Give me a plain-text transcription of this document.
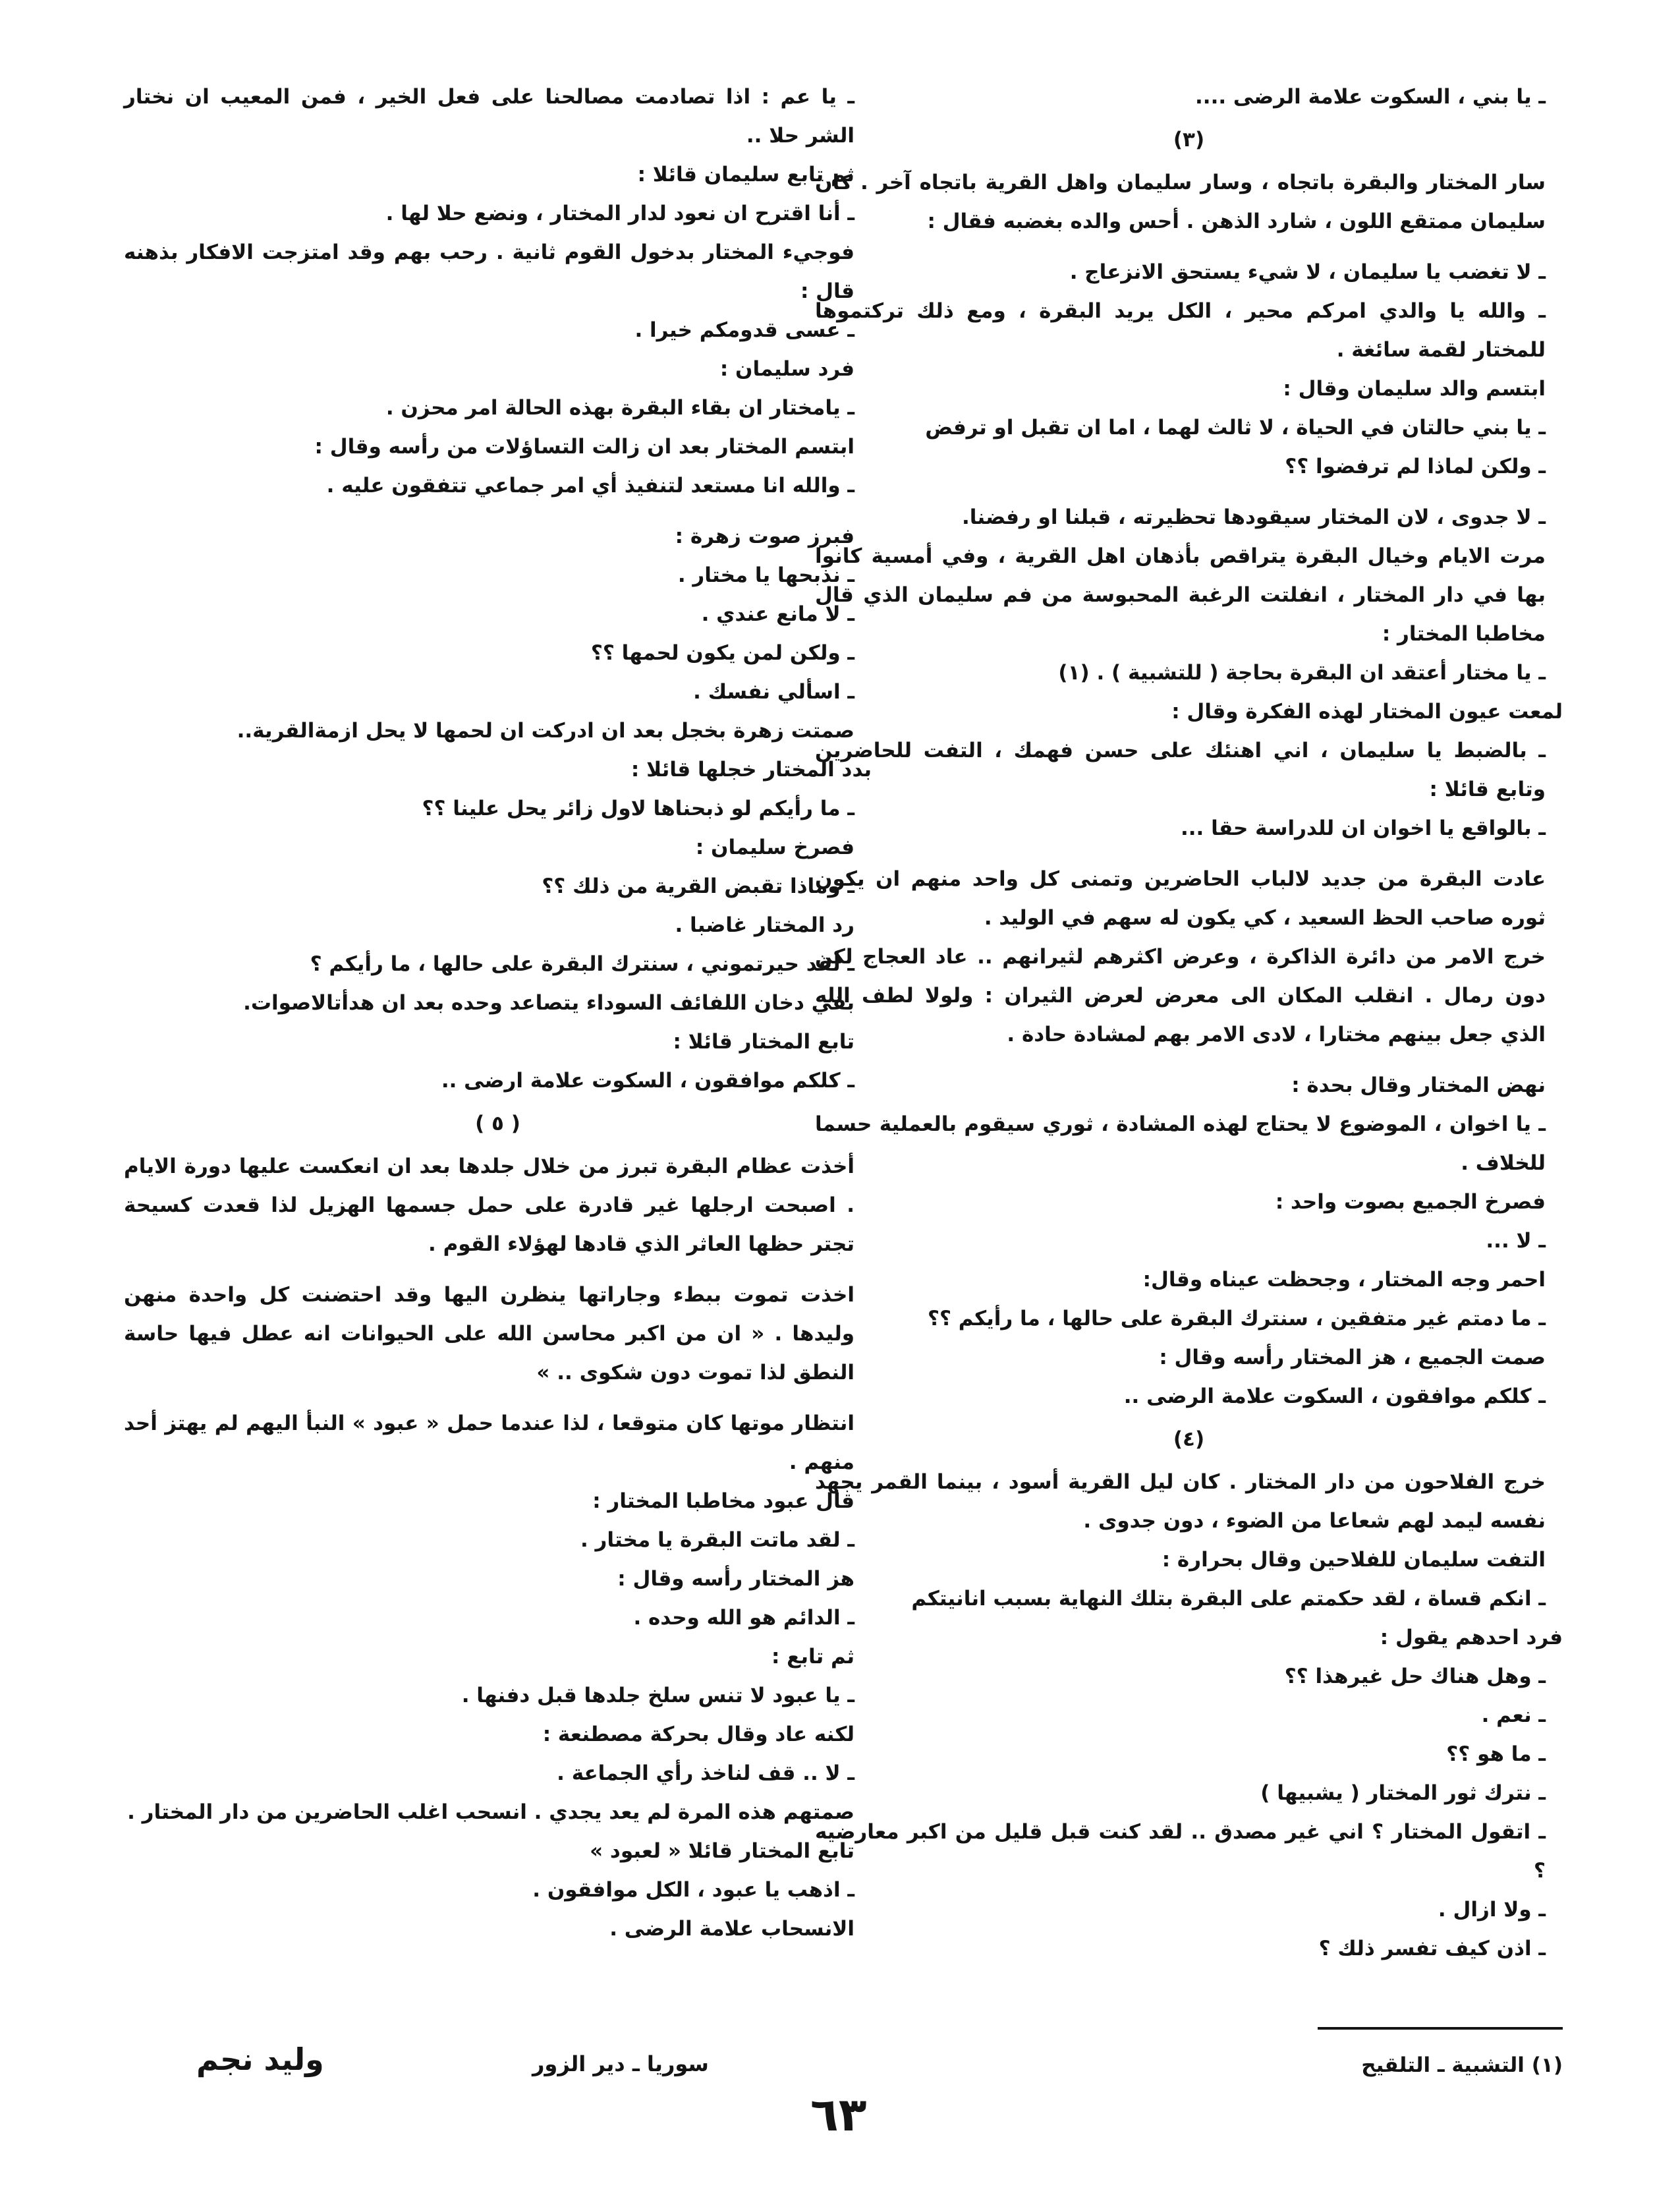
ـ يا بني ، السكوت علامة الرضى ....

(٣)

سار المختار والبقرة باتجاه ، وسار سليمان واهل القرية باتجاه آخر . كان سليمان ممتقع اللون ، شارد الذهن . أحس والده بغضبه فقال :

ـ لا تغضب يا سليمان ، لا شيء يستحق الانزعاج .

ـ والله يا والدي امركم محير ، الكل يريد البقرة ، ومع ذلك تركتموها للمختار لقمة سائغة .

ابتسم والد سليمان وقال :

ـ يا بني حالتان في الحياة ، لا ثالث لهما ، اما ان تقبل او ترفض

ـ ولكن لماذا لم ترفضوا ؟؟

ـ لا جدوى ، لان المختار سيقودها تحظيرته ، قبلنا او رفضنا.

مرت الايام وخيال البقرة يتراقص بأذهان اهل القرية ، وفي أمسية كانوا بها في دار المختار ، انفلتت الرغبة المحبوسة من فم سليمان الذي قال مخاطبا المختار :

ـ يا مختار أعتقد ان البقرة بحاجة ( للتشبية ) . (١)

لمعت عيون المختار لهذه الفكرة وقال :

ـ بالضبط يا سليمان ، اني اهنئك على حسن فهمك ، التفت للحاضرين وتابع قائلا :

ـ بالواقع يا اخوان ان للدراسة حقا ...

عادت البقرة من جديد لالباب الحاضرين وتمنى كل واحد منهم ان يكون ثوره صاحب الحظ السعيد ، كي يكون له سهم في الوليد .

خرج الامر من دائرة الذاكرة ، وعرض اكثرهم لثيرانهم .. عاد العجاج لكن دون رمال . انقلب المكان الى معرض لعرض الثيران : ولولا لطف الله الذي جعل بينهم مختارا ، لادى الامر بهم لمشادة حادة .

نهض المختار وقال بحدة :

ـ يا اخوان ، الموضوع لا يحتاج لهذه المشادة ، ثوري سيقوم بالعملية حسما للخلاف .

فصرخ الجميع بصوت واحد :

ـ لا ...

احمر وجه المختار ، وجحظت عيناه وقال:

ـ ما دمتم غير متفقين ، سنترك البقرة على حالها ، ما رأيكم ؟؟

صمت الجميع ، هز المختار رأسه وقال :

ـ كلكم موافقون ، السكوت علامة الرضى ..

(٤)

خرج الفلاحون من دار المختار . كان ليل القرية أسود ، بينما القمر يجهد نفسه ليمد لهم شعاعا من الضوء ، دون جدوى .

التفت سليمان للفلاحين وقال بحرارة :

ـ انكم قساة ، لقد حكمتم على البقرة بتلك النهاية بسبب انانيتكم

فرد احدهم يقول :

ـ وهل هناك حل غيرهذا ؟؟

ـ نعم .

ـ ما هو ؟؟

ـ نترك ثور المختار ( يشبيها )

ـ اتقول المختار ؟ اني غير مصدق .. لقد كنت قبل قليل من اكبر معارضيه ؟

ـ ولا ازال .

ـ اذن كيف تفسر ذلك ؟

ـ يا عم : اذا تصادمت مصالحنا على فعل الخير ، فمن المعيب ان نختار الشر حلا ..

ثم تابع سليمان قائلا :

ـ أنا اقترح ان نعود لدار المختار ، ونضع حلا لها .

فوجيء المختار بدخول القوم ثانية . رحب بهم وقد امتزجت الافكار بذهنه قال :

ـ عسى قدومكم خيرا .

فرد سليمان :

ـ يامختار ان بقاء البقرة بهذه الحالة امر محزن .

ابتسم المختار بعد ان زالت التساؤلات من رأسه وقال :

ـ والله انا مستعد لتنفيذ أي امر جماعي تتفقون عليه .

فبرز صوت زهرة :

ـ نذبحها يا مختار .

ـ لا مانع عندي .

ـ ولكن لمن يكون لحمها ؟؟

ـ اسألي نفسك .

صمتت زهرة بخجل بعد ان ادركت ان لحمها لا يحل ازمةالقرية..

بدد المختار خجلها قائلا :

ـ ما رأيكم لو ذبحناها لاول زائر يحل علينا ؟؟

فصرخ سليمان :

ـ وماذا تقبض القرية من ذلك ؟؟

رد المختار غاضبا .

ـ لقد حيرتموني ، سنترك البقرة على حالها ، ما رأيكم ؟

بقي دخان اللفائف السوداء يتصاعد وحده بعد ان هدأتالاصوات.

تابع المختار قائلا :

ـ كلكم موافقون ، السكوت علامة ارضى ..

( ٥ )

أخذت عظام البقرة تبرز من خلال جلدها بعد ان انعكست عليها دورة الايام . اصبحت ارجلها غير قادرة على حمل جسمها الهزيل لذا قعدت كسيحة تجتر حظها العاثر الذي قادها لهؤلاء القوم .

اخذت تموت ببطء وجاراتها ينظرن اليها وقد احتضنت كل واحدة منهن وليدها . « ان من اكبر محاسن الله على الحيوانات انه عطل فيها حاسة النطق لذا تموت دون شكوى .. »

انتظار موتها كان متوقعا ، لذا عندما حمل « عبود » النبأ اليهم لم يهتز أحد منهم .

قال عبود مخاطبا المختار :

ـ لقد ماتت البقرة يا مختار .

هز المختار رأسه وقال :

ـ الدائم هو الله وحده .

ثم تابع :

ـ يا عبود لا تنس سلخ جلدها قبل دفنها .

لكنه عاد وقال بحركة مصطنعة :

ـ لا .. قف لناخذ رأي الجماعة .

صمتهم هذه المرة لم يعد يجدي . انسحب اغلب الحاضرين من دار المختار .

تابع المختار قائلا « لعبود »

ـ اذهب يا عبود ، الكل موافقون .

الانسحاب علامة الرضى .

(١) التشبية ـ التلقيح
سوريا ـ دير الزور
وليد نجم
٦٣
